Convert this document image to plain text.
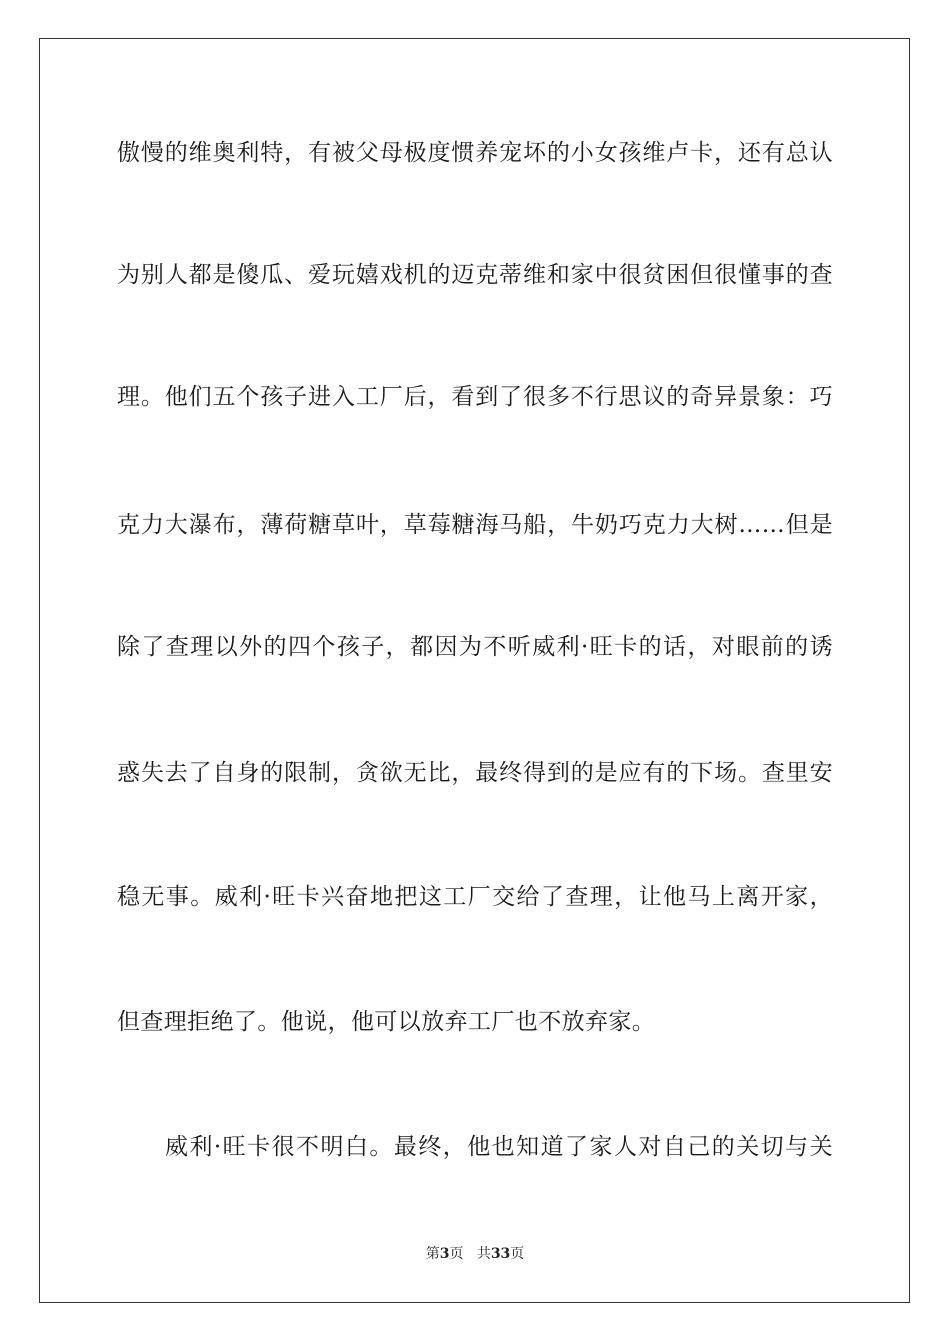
傲慢的维奥利特，有被父母极度惯养宠坏的小女孩维卢卡，还有总认
为别人都是傻瓜、爱玩嬉戏机的迈克蒂维和家中很贫困但很懂事的查
理。他们五个孩子进入工厂后，看到了很多不行思议的奇异景象：巧
克力大瀑布，薄荷糖草叶，草莓糖海马船，牛奶巧克力大树……但是
除了查理以外的四个孩子，都因为不听威利·旺卡的话，对眼前的诱
惑失去了自身的限制，贪欲无比，最终得到的是应有的下场。查里安
稳无事。威利·旺卡兴奋地把这工厂交给了查理，让他马上离开家，
但查理拒绝了。他说，他可以放弃工厂也不放弃家。
威利·旺卡很不明白。最终，他也知道了家人对自己的关切与关
第3页 共33页
